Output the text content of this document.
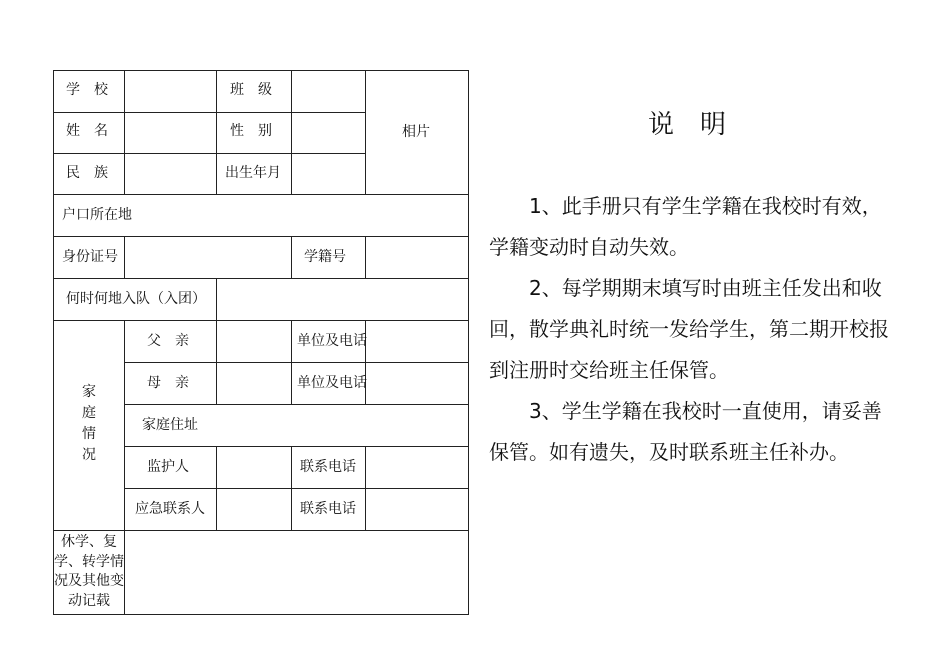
学　校	班　级
相片
姓　名	性　别
民　族	出生年月
户口所在地
身份证号	学籍号
何时何地入队（入团）
家庭情况
父　亲	单位及电话
母　亲	单位及电话
家庭住址
监护人	联系电话
应急联系人	联系电话
休学、复学、转学情况及其他变动记载
说明

1、此手册只有学生学籍在我校时有效，学籍变动时自动失效。

2、每学期期末填写时由班主任发出和收回，散学典礼时统一发给学生，第二期开校报到注册时交给班主任保管。

3、学生学籍在我校时一直使用，请妥善保管。如有遗失，及时联系班主任补办。
